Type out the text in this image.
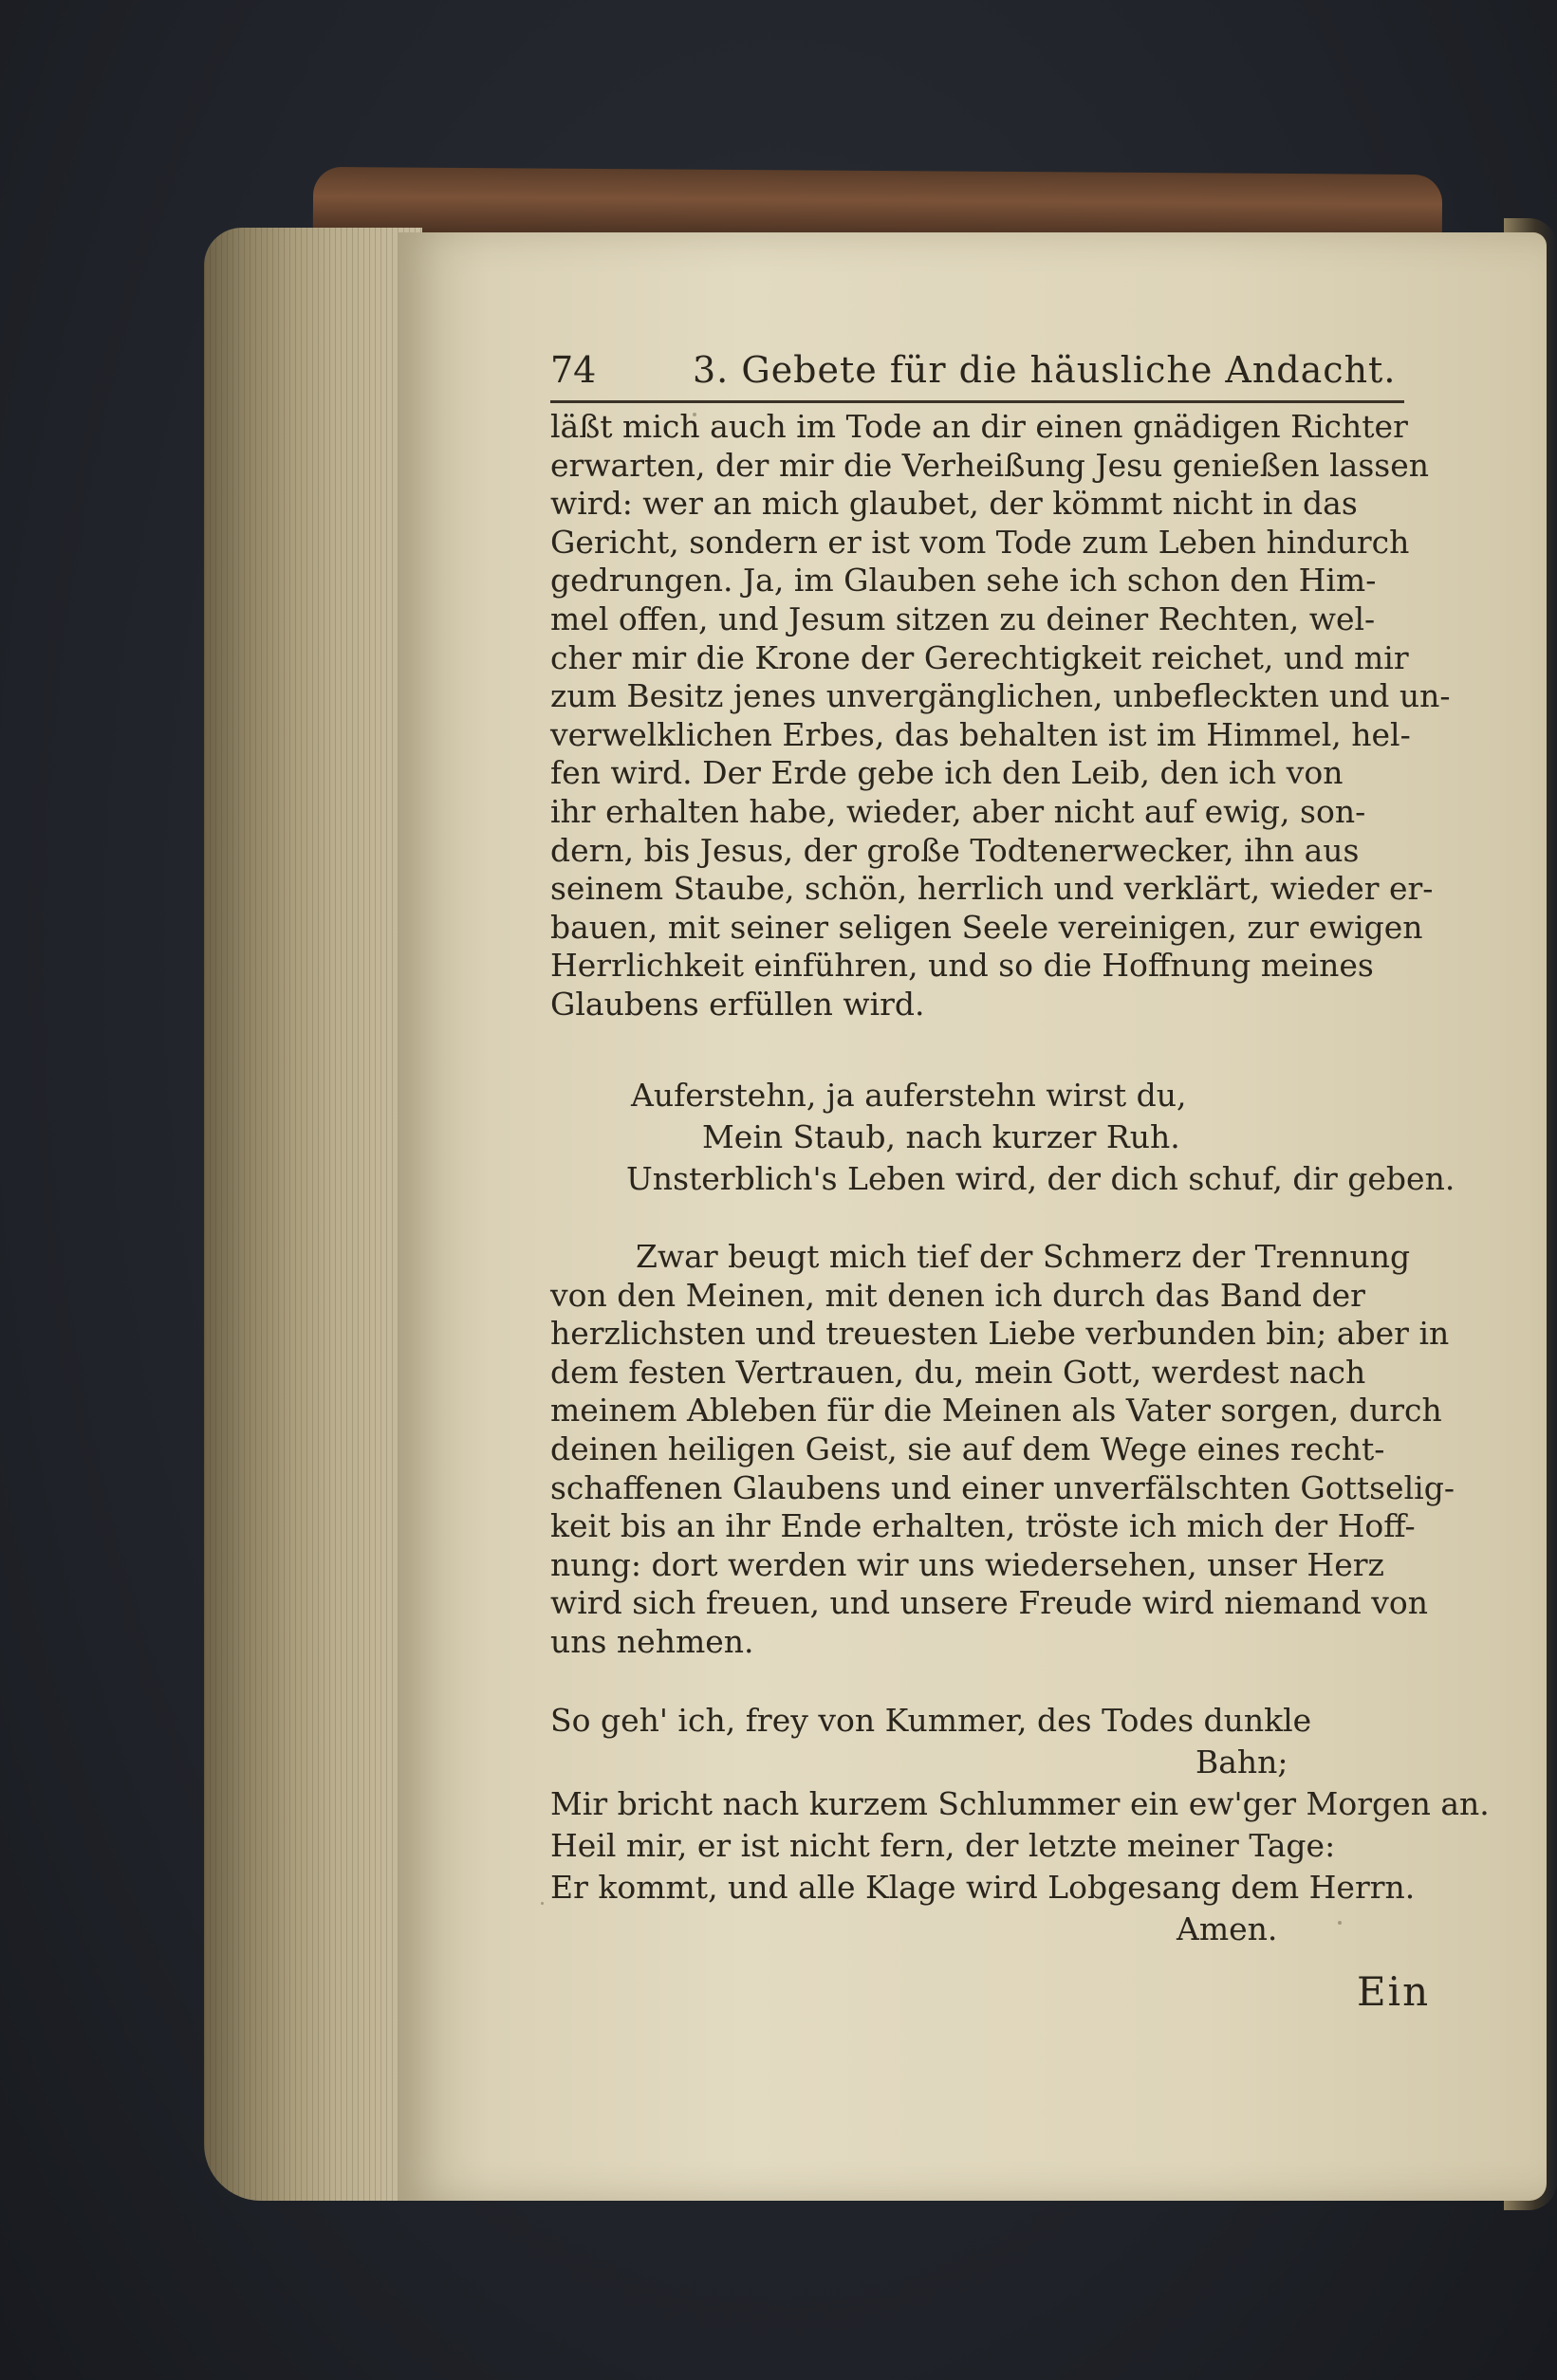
74	3. Gebete für die häusliche Andacht.
läßt mich auch im Tode an dir einen gnädigen Richter
erwarten, der mir die Verheißung Jesu genießen lassen
wird: wer an mich glaubet, der kömmt nicht in das
Gericht, sondern er ist vom Tode zum Leben hindurch
gedrungen. Ja, im Glauben sehe ich schon den Him-
mel offen, und Jesum sitzen zu deiner Rechten, wel-
cher mir die Krone der Gerechtigkeit reichet, und mir
zum Besitz jenes unvergänglichen, unbefleckten und un-
verwelklichen Erbes, das behalten ist im Himmel, hel-
fen wird. Der Erde gebe ich den Leib, den ich von
ihr erhalten habe, wieder, aber nicht auf ewig, son-
dern, bis Jesus, der große Todtenerwecker, ihn aus
seinem Staube, schön, herrlich und verklärt, wieder er-
bauen, mit seiner seligen Seele vereinigen, zur ewigen
Herrlichkeit einführen, und so die Hoffnung meines
Glaubens erfüllen wird.
Auferstehn, ja auferstehn wirst du,
Mein Staub, nach kurzer Ruh.
Unsterblich's Leben wird, der dich schuf, dir geben.
Zwar beugt mich tief der Schmerz der Trennung
von den Meinen, mit denen ich durch das Band der
herzlichsten und treuesten Liebe verbunden bin; aber in
dem festen Vertrauen, du, mein Gott, werdest nach
meinem Ableben für die Meinen als Vater sorgen, durch
deinen heiligen Geist, sie auf dem Wege eines recht-
schaffenen Glaubens und einer unverfälschten Gottselig-
keit bis an ihr Ende erhalten, tröste ich mich der Hoff-
nung: dort werden wir uns wiedersehen, unser Herz
wird sich freuen, und unsere Freude wird niemand von
uns nehmen.
So geh' ich, frey von Kummer, des Todes dunkle
Bahn;
Mir bricht nach kurzem Schlummer ein ew'ger Morgen an.
Heil mir, er ist nicht fern, der letzte meiner Tage:
Er kommt, und alle Klage wird Lobgesang dem Herrn.
Amen.
Ein
